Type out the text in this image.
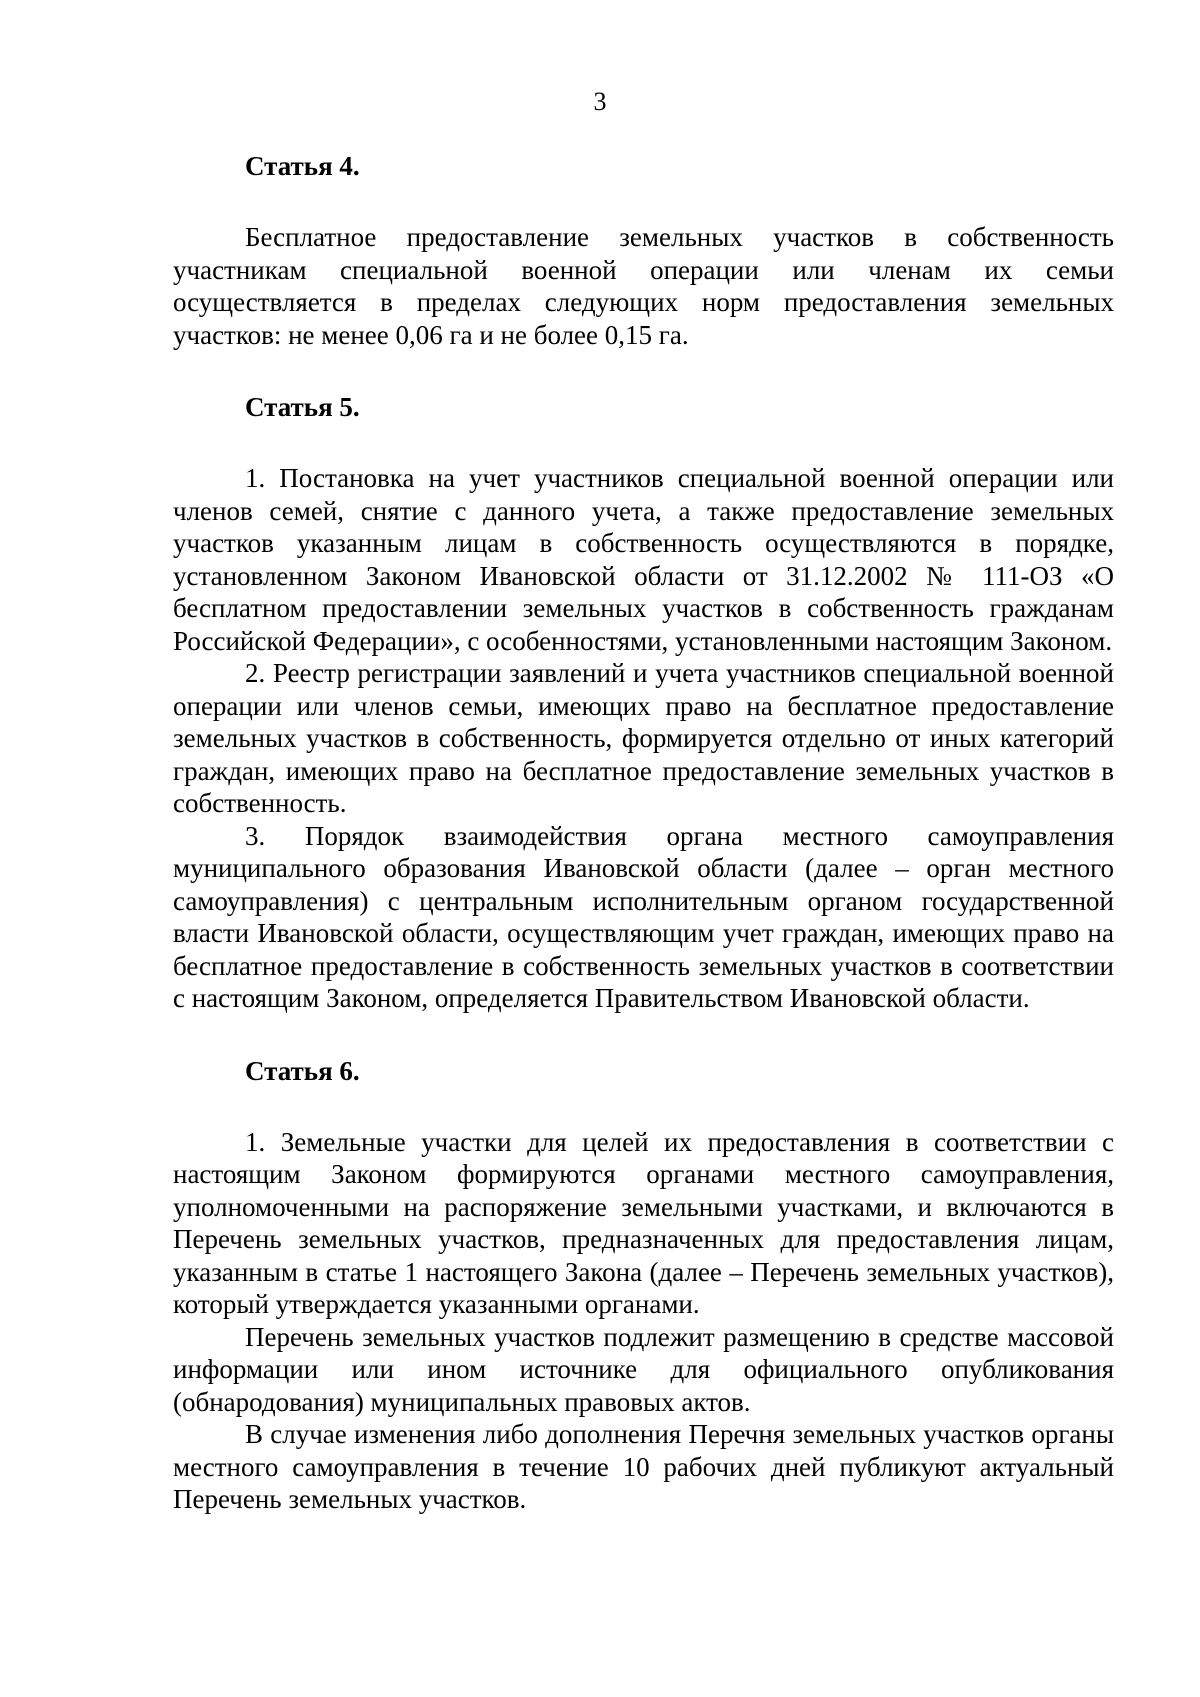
3

Статья 4.

Бесплатное предоставление земельных участков в собственность участникам специальной военной операции или членам их семьи осуществляется в пределах следующих норм предоставления земельных участков: не менее 0,06 га и не более 0,15 га.

Статья 5.

1. Постановка на учет участников специальной военной операции или членов семей, снятие с данного учета, а также предоставление земельных участков указанным лицам в собственность осуществляются в порядке, установленном Законом Ивановской области от 31.12.2002 № 111-ОЗ «О бесплатном предоставлении земельных участков в собственность гражданам Российской Федерации», с особенностями, установленными настоящим Законом.

2. Реестр регистрации заявлений и учета участников специальной военной операции или членов семьи, имеющих право на бесплатное предоставление земельных участков в собственность, формируется отдельно от иных категорий граждан, имеющих право на бесплатное предоставление земельных участков в собственность.

3. Порядок взаимодействия органа местного самоуправления муниципального образования Ивановской области (далее – орган местного самоуправления) с центральным исполнительным органом государственной власти Ивановской области, осуществляющим учет граждан, имеющих право на бесплатное предоставление в собственность земельных участков в соответствии с настоящим Законом, определяется Правительством Ивановской области.

Статья 6.

1. Земельные участки для целей их предоставления в соответствии с настоящим Законом формируются органами местного самоуправления, уполномоченными на распоряжение земельными участками, и включаются в Перечень земельных участков, предназначенных для предоставления лицам, указанным в статье 1 настоящего Закона (далее – Перечень земельных участков), который утверждается указанными органами.

Перечень земельных участков подлежит размещению в средстве массовой информации или ином источнике для официального опубликования (обнародования) муниципальных правовых актов.

В случае изменения либо дополнения Перечня земельных участков органы местного самоуправления в течение 10 рабочих дней публикуют актуальный Перечень земельных участков.
